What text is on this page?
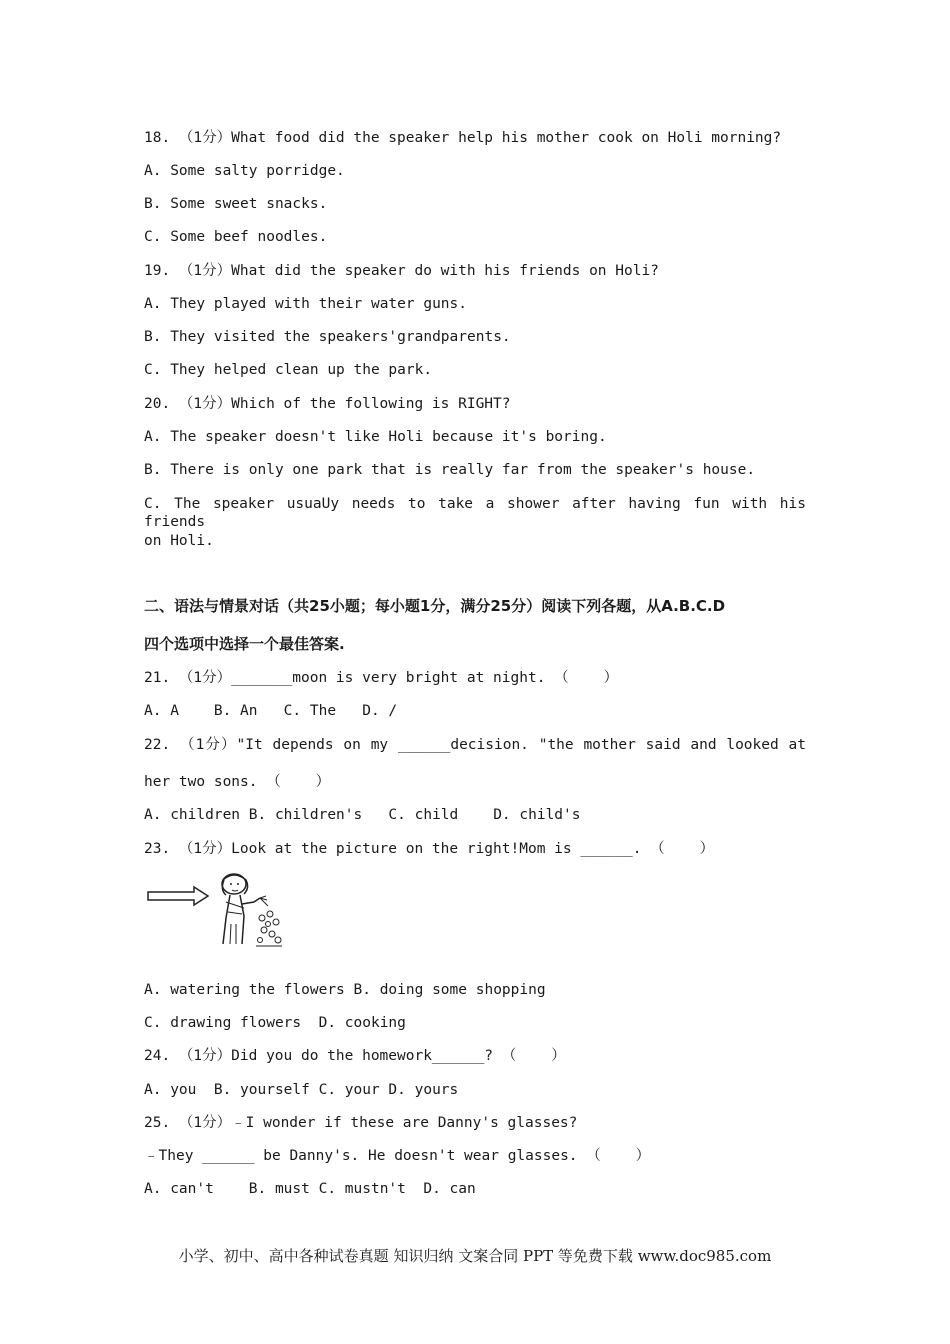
18. （1分）What food did the speaker help his mother cook on Holi morning?
A. Some salty porridge.
B. Some sweet snacks.
C. Some beef noodles.
19. （1分）What did the speaker do with his friends on Holi?
A. They played with their water guns.
B. They visited the speakers'grandparents.
C. They helped clean up the park.
20. （1分）Which of the following is RIGHT?
A. The speaker doesn't like Holi because it's boring.
B. There is only one park that is really far from the speaker's house.
C. The speaker usuaUy needs to take a shower after having fun with his friends
on Holi.
二、语法与情景对话（共25小题；每小题1分，满分25分）阅读下列各题，从A.B.C.D
四个选项中选择一个最佳答案.
21. （1分）_______moon is very bright at night. （    ）
A. A    B. An   C. The   D. /
22. （1分）"It depends on my ______decision. "the mother said and looked at
her two sons. （    ）
A. children B. children's   C. child    D. child's
23. （1分）Look at the picture on the right!Mom is ______. （    ）
A. watering the flowers B. doing some shopping
C. drawing flowers  D. cooking
24. （1分）Did you do the homework______? （    ）
A. you  B. yourself C. your D. yours
25. （1分）﹣I wonder if these are Danny's glasses?
﹣They ______ be Danny's. He doesn't wear glasses. （    ）
A. can't    B. must C. mustn't  D. can
小学、初中、高中各种试卷真题 知识归纳 文案合同 PPT 等免费下载 www.doc985.com
